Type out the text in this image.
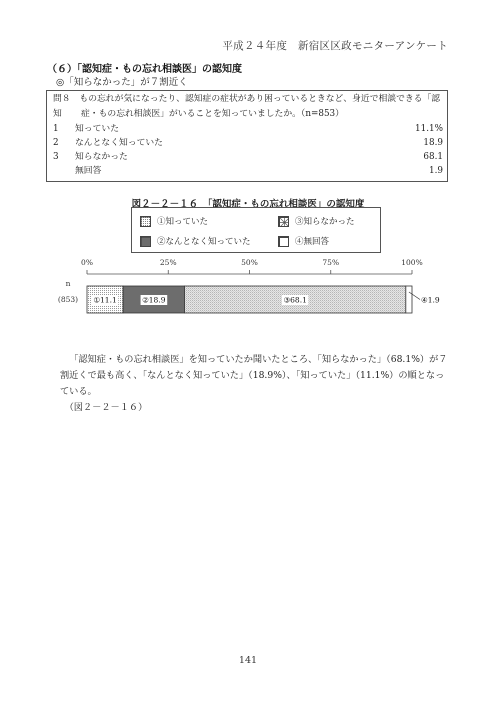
平成２４年度　新宿区区政モニターアンケート
（６）「認知症・もの忘れ相談医」の認知度
◎「知らなかった」が７割近く
問８　もの忘れが気になったり、認知症の症状があり困っているときなど、身近で相談できる「認知	症・もの忘れ相談医」がいることを知っていましたか。（n=853）
1 知っていた	11.1%
2 なんとなく知っていた	18.9
3 知らなかった	68.1
無回答	1.9
図２－２－１６　「認知症・もの忘れ相談医」の認知度
①知っていた	③知らなかった
②なんとなく知っていた	④無回答
0%	25%	50%	75%	100%
n
(853) ①11.1	②18.9	③68.1	④1.9
「認知症・もの忘れ相談医」を知っていたか聞いたところ、「知らなかった」（68.1%）が７割近くで最も高く、「なんとなく知っていた」（18.9%）、「知っていた」（11.1%）の順となっている。
（図２－２－１６）
141
